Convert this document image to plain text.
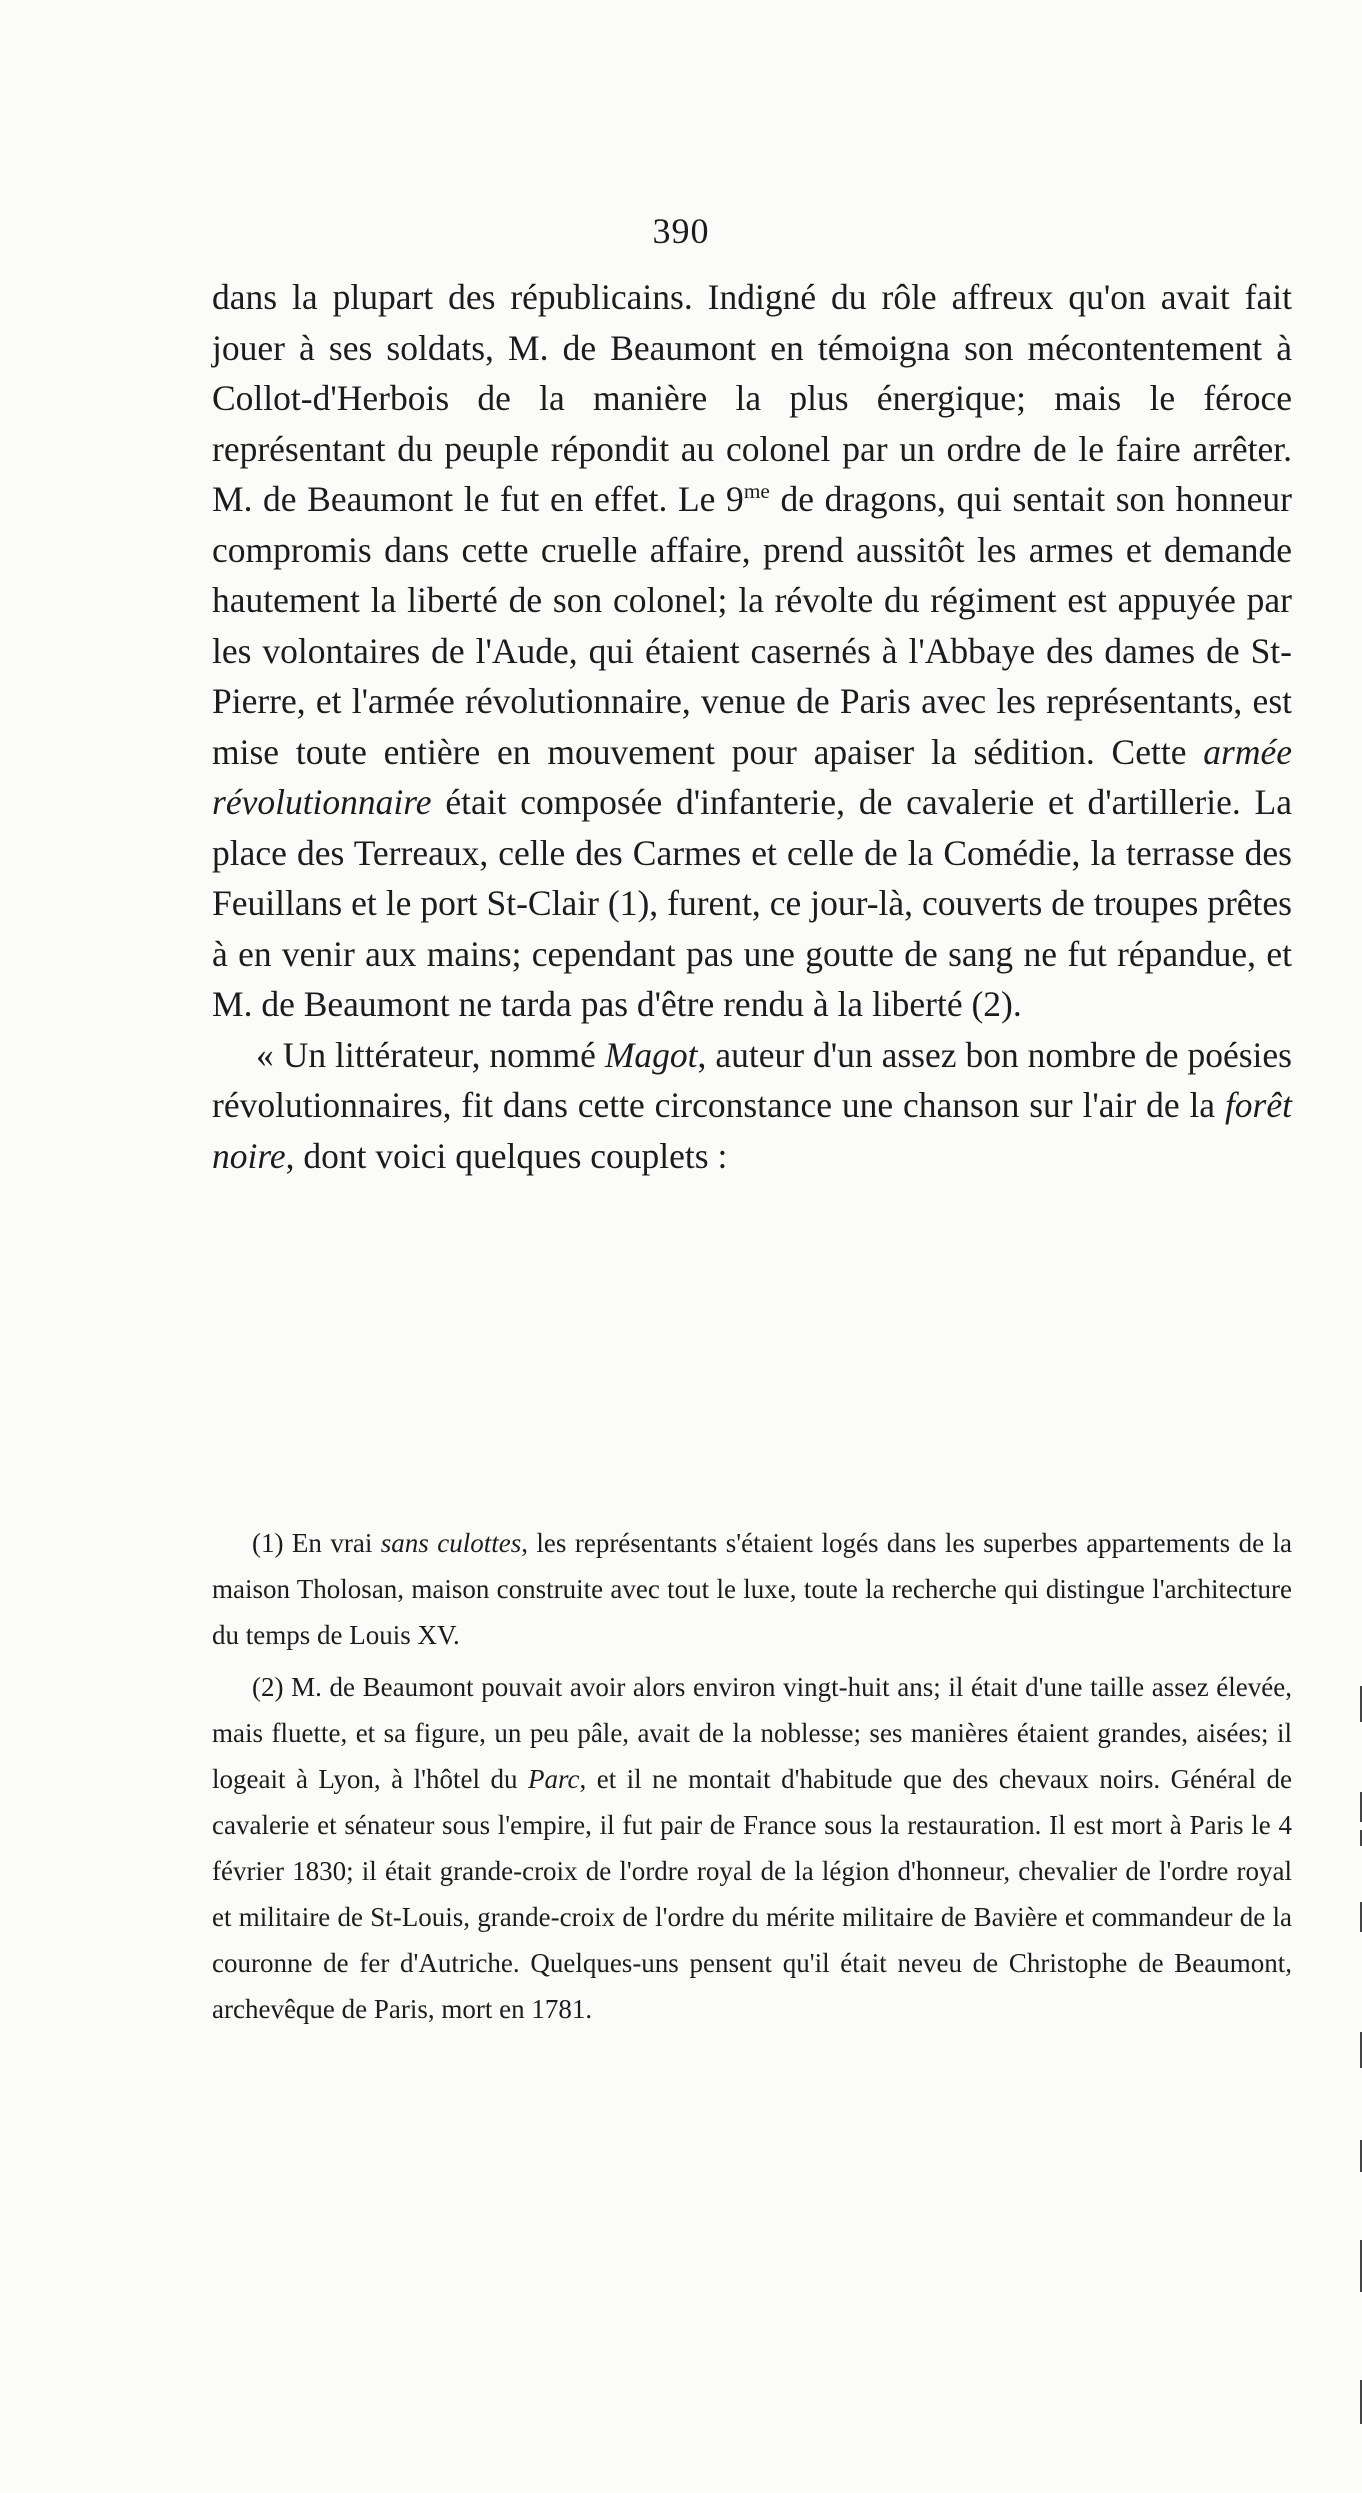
390

dans la plupart des républicains. Indigné du rôle affreux qu'on avait fait jouer à ses soldats, M. de Beaumont en témoigna son mécontentement à Collot-d'Herbois de la manière la plus énergique; mais le féroce représentant du peuple répondit au colonel par un ordre de le faire arrêter. M. de Beaumont le fut en effet. Le $9^{me}$ de dragons, qui sentait son honneur compromis dans cette cruelle affaire, prend aussitôt les armes et demande hautement la liberté de son colonel; la révolte du régiment est appuyée par les volontaires de l'Aude, qui étaient casernés à l'Abbaye des dames de St-Pierre, et l'armée révolutionnaire, venue de Paris avec les représentants, est mise toute entière en mouvement pour apaiser la sédition. Cette armée révolutionnaire était composée d'infanterie, de cavalerie et d'artillerie. La place des Terreaux, celle des Carmes et celle de la Comédie, la terrasse des Feuillans et le port St-Clair (1), furent, ce jour-là, couverts de troupes prêtes à en venir aux mains; cependant pas une goutte de sang ne fut répandue, et M. de Beaumont ne tarda pas d'être rendu à la liberté (2).

« Un littérateur, nommé Magot, auteur d'un assez bon nombre de poésies révolutionnaires, fit dans cette circonstance une chanson sur l'air de la forêt noire, dont voici quelques couplets :

(1) En vrai sans culottes, les représentants s'étaient logés dans les superbes appartements de la maison Tholosan, maison construite avec tout le luxe, toute la recherche qui distingue l'architecture du temps de Louis XV.

(2) M. de Beaumont pouvait avoir alors environ vingt-huit ans; il était d'une taille assez élevée, mais fluette, et sa figure, un peu pâle, avait de la noblesse; ses manières étaient grandes, aisées; il logeait à Lyon, à l'hôtel du Parc, et il ne montait d'habitude que des chevaux noirs. Général de cavalerie et sénateur sous l'empire, il fut pair de France sous la restauration. Il est mort à Paris le 4 février 1830; il était grande-croix de l'ordre royal de la légion d'honneur, chevalier de l'ordre royal et militaire de St-Louis, grande-croix de l'ordre du mérite militaire de Bavière et commandeur de la couronne de fer d'Autriche. Quelques-uns pensent qu'il était neveu de Christophe de Beaumont, archevêque de Paris, mort en 1781.
